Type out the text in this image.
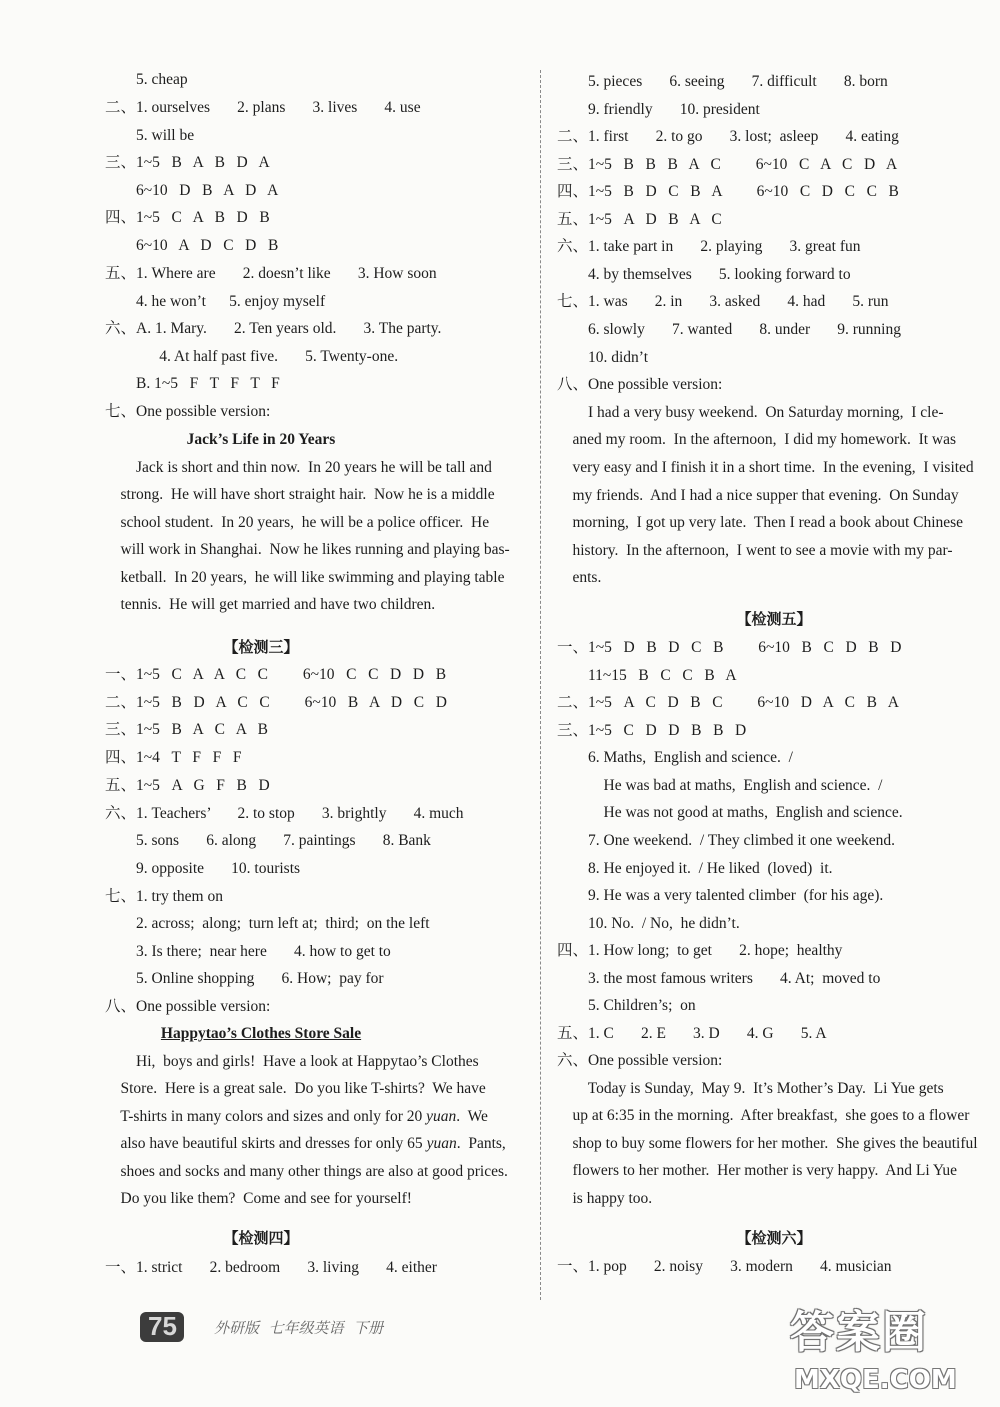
5. cheap
二、1. ourselves       2. plans       3. lives       4. use
5. will be
三、1~5   B   A   B   D   A
6~10   D   B   A   D   A
四、1~5   C   A   B   D   B
6~10   A   D   C   D   B
五、1. Where are       2. doesn’t like       3. How soon
4. he won’t      5. enjoy myself
六、A. 1. Mary.       2. Ten years old.       3. The party.
4. At half past five.       5. Twenty-one.
B. 1~5   F   T   F   T   F
七、One possible version:
Jack’s Life in 20 Years
Jack is short and thin now.  In 20 years he will be tall and
strong.  He will have short straight hair.  Now he is a middle
school student.  In 20 years,  he will be a police officer.  He
will work in Shanghai.  Now he likes running and playing bas-
ketball.  In 20 years,  he will like swimming and playing table
tennis.  He will get married and have two children.
【检测三】
一、1~5   C   A   A   C   C         6~10   C   C   D   D   B
二、1~5   B   D   A   C   C         6~10   B   A   D   C   D
三、1~5   B   A   C   A   B
四、1~4   T   F   F   F
五、1~5   A   G   F   B   D
六、1. Teachers’       2. to stop       3. brightly       4. much
5. sons       6. along       7. paintings       8. Bank
9. opposite       10. tourists
七、1. try them on
2. across;  along;  turn left at;  third;  on the left
3. Is there;  near here       4. how to get to
5. Online shopping       6. How;  pay for
八、One possible version:
Happytao’s Clothes Store Sale
Hi,  boys and girls!  Have a look at Happytao’s Clothes
Store.  Here is a great sale.  Do you like T-shirts?  We have
T-shirts in many colors and sizes and only for 20 yuan.  We
also have beautiful skirts and dresses for only 65 yuan.  Pants,
shoes and socks and many other things are also at good prices.
Do you like them?  Come and see for yourself!
【检测四】
一、1. strict       2. bedroom       3. living       4. either
5. pieces       6. seeing       7. difficult       8. born
9. friendly       10. president
二、1. first       2. to go       3. lost;  asleep       4. eating
三、1~5   B   B   B   A   C         6~10   C   A   C   D   A
四、1~5   B   D   C   B   A         6~10   C   D   C   C   B
五、1~5   A   D   B   A   C
六、1. take part in       2. playing       3. great fun
4. by themselves       5. looking forward to
七、1. was       2. in       3. asked       4. had       5. run
6. slowly       7. wanted       8. under       9. running
10. didn’t
八、One possible version:
I had a very busy weekend.  On Saturday morning,  I cle-
aned my room.  In the afternoon,  I did my homework.  It was
very easy and I finish it in a short time.  In the evening,  I visited
my friends.  And I had a nice supper that evening.  On Sunday
morning,  I got up very late.  Then I read a book about Chinese
history.  In the afternoon,  I went to see a movie with my par-
ents.
【检测五】
一、1~5   D   B   D   C   B         6~10   B   C   D   B   D
11~15   B   C   C   B   A
二、1~5   A   C   D   B   C         6~10   D   A   C   B   A
三、1~5   C   D   D   B   B   D
6. Maths,  English and science.  /
He was bad at maths,  English and science.  /
He was not good at maths,  English and science.
7. One weekend.  / They climbed it one weekend.
8. He enjoyed it.  / He liked  (loved)  it.
9. He was a very talented climber  (for his age).
10. No.  / No,  he didn’t.
四、1. How long;  to get       2. hope;  healthy
3. the most famous writers       4. At;  moved to
5. Children’s;  on
五、1. C       2. E       3. D       4. G       5. A
六、One possible version:
Today is Sunday,  May 9.  It’s Mother’s Day.  Li Yue gets
up at 6:35 in the morning.  After breakfast,  she goes to a flower
shop to buy some flowers for her mother.  She gives the beautiful
flowers to her mother.  Her mother is very happy.  And Li Yue
is happy too.
【检测六】
一、1. pop       2. noisy       3. modern       4. musician
75 外研版  七年级英语  下册	答案圈
MXQE.COM
